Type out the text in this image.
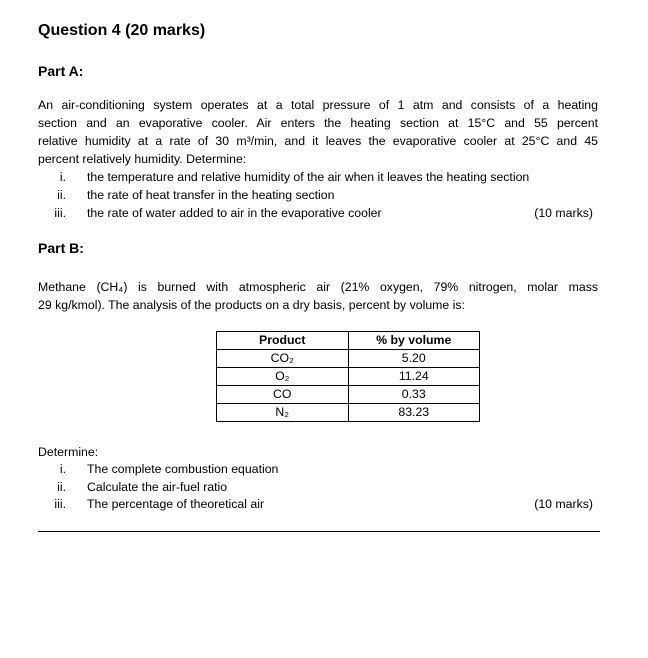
Question 4 (20 marks)
Part A:
An air-conditioning system operates at a total pressure of 1 atm and consists of a heating
section and an evaporative cooler. Air enters the heating section at 15°C and 55 percent
relative humidity at a rate of 30 m³/min, and it leaves the evaporative cooler at 25°C and 45
percent relatively humidity. Determine:
i. the temperature and relative humidity of the air when it leaves the heating section
ii. the rate of heat transfer in the heating section
iii. the rate of water added to air in the evaporative cooler	(10 marks)
Part B:
Methane (CH₄) is burned with atmospheric air (21% oxygen, 79% nitrogen, molar mass
29 kg/kmol). The analysis of the products on a dry basis, percent by volume is:
Product	% by volume
CO₂	5.20
O₂	11.24
CO	0.33
N₂	83.23
Determine:
i. The complete combustion equation
ii. Calculate the air-fuel ratio
iii. The percentage of theoretical air	(10 marks)
